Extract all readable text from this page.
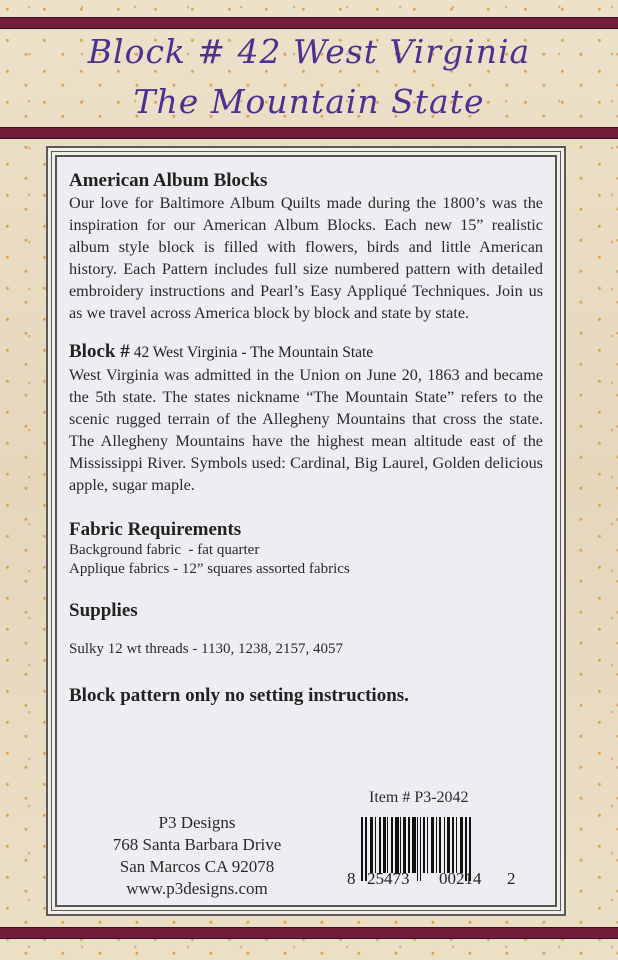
Block # 42 West Virginia
The Mountain State
American Album Blocks

Our love for Baltimore Album Quilts made during the 1800’s was the inspiration for our American Album Blocks. Each new 15” realistic album style block is filled with flowers, birds and little American history. Each Pattern includes full size numbered pattern with detailed embroidery instructions and Pearl’s Easy Appliqué Techniques. Join us as we travel across America block by block and state by state.

Block # 42 West Virginia - The Mountain State

West Virginia was admitted in the Union on June 20, 1863 and became the 5th state. The states nickname “The Mountain State” refers to the scenic rugged terrain of the Allegheny Mountains that cross the state. The Allegheny Mountains have the highest mean altitude east of the Mississippi River. Symbols used: Cardinal, Big Laurel, Golden delicious apple, sugar maple.

Fabric Requirements
Background fabric  - fat quarter
Applique fabrics - 12” squares assorted fabrics
Supplies
Sulky 12 wt threads - 1130, 1238, 2157, 4057
Block pattern only no setting instructions.
P3 Designs
768 Santa Barbara Drive
San Marcos CA 92078
www.p3designs.com
Item # P3-2042
8 25473 00214 2
